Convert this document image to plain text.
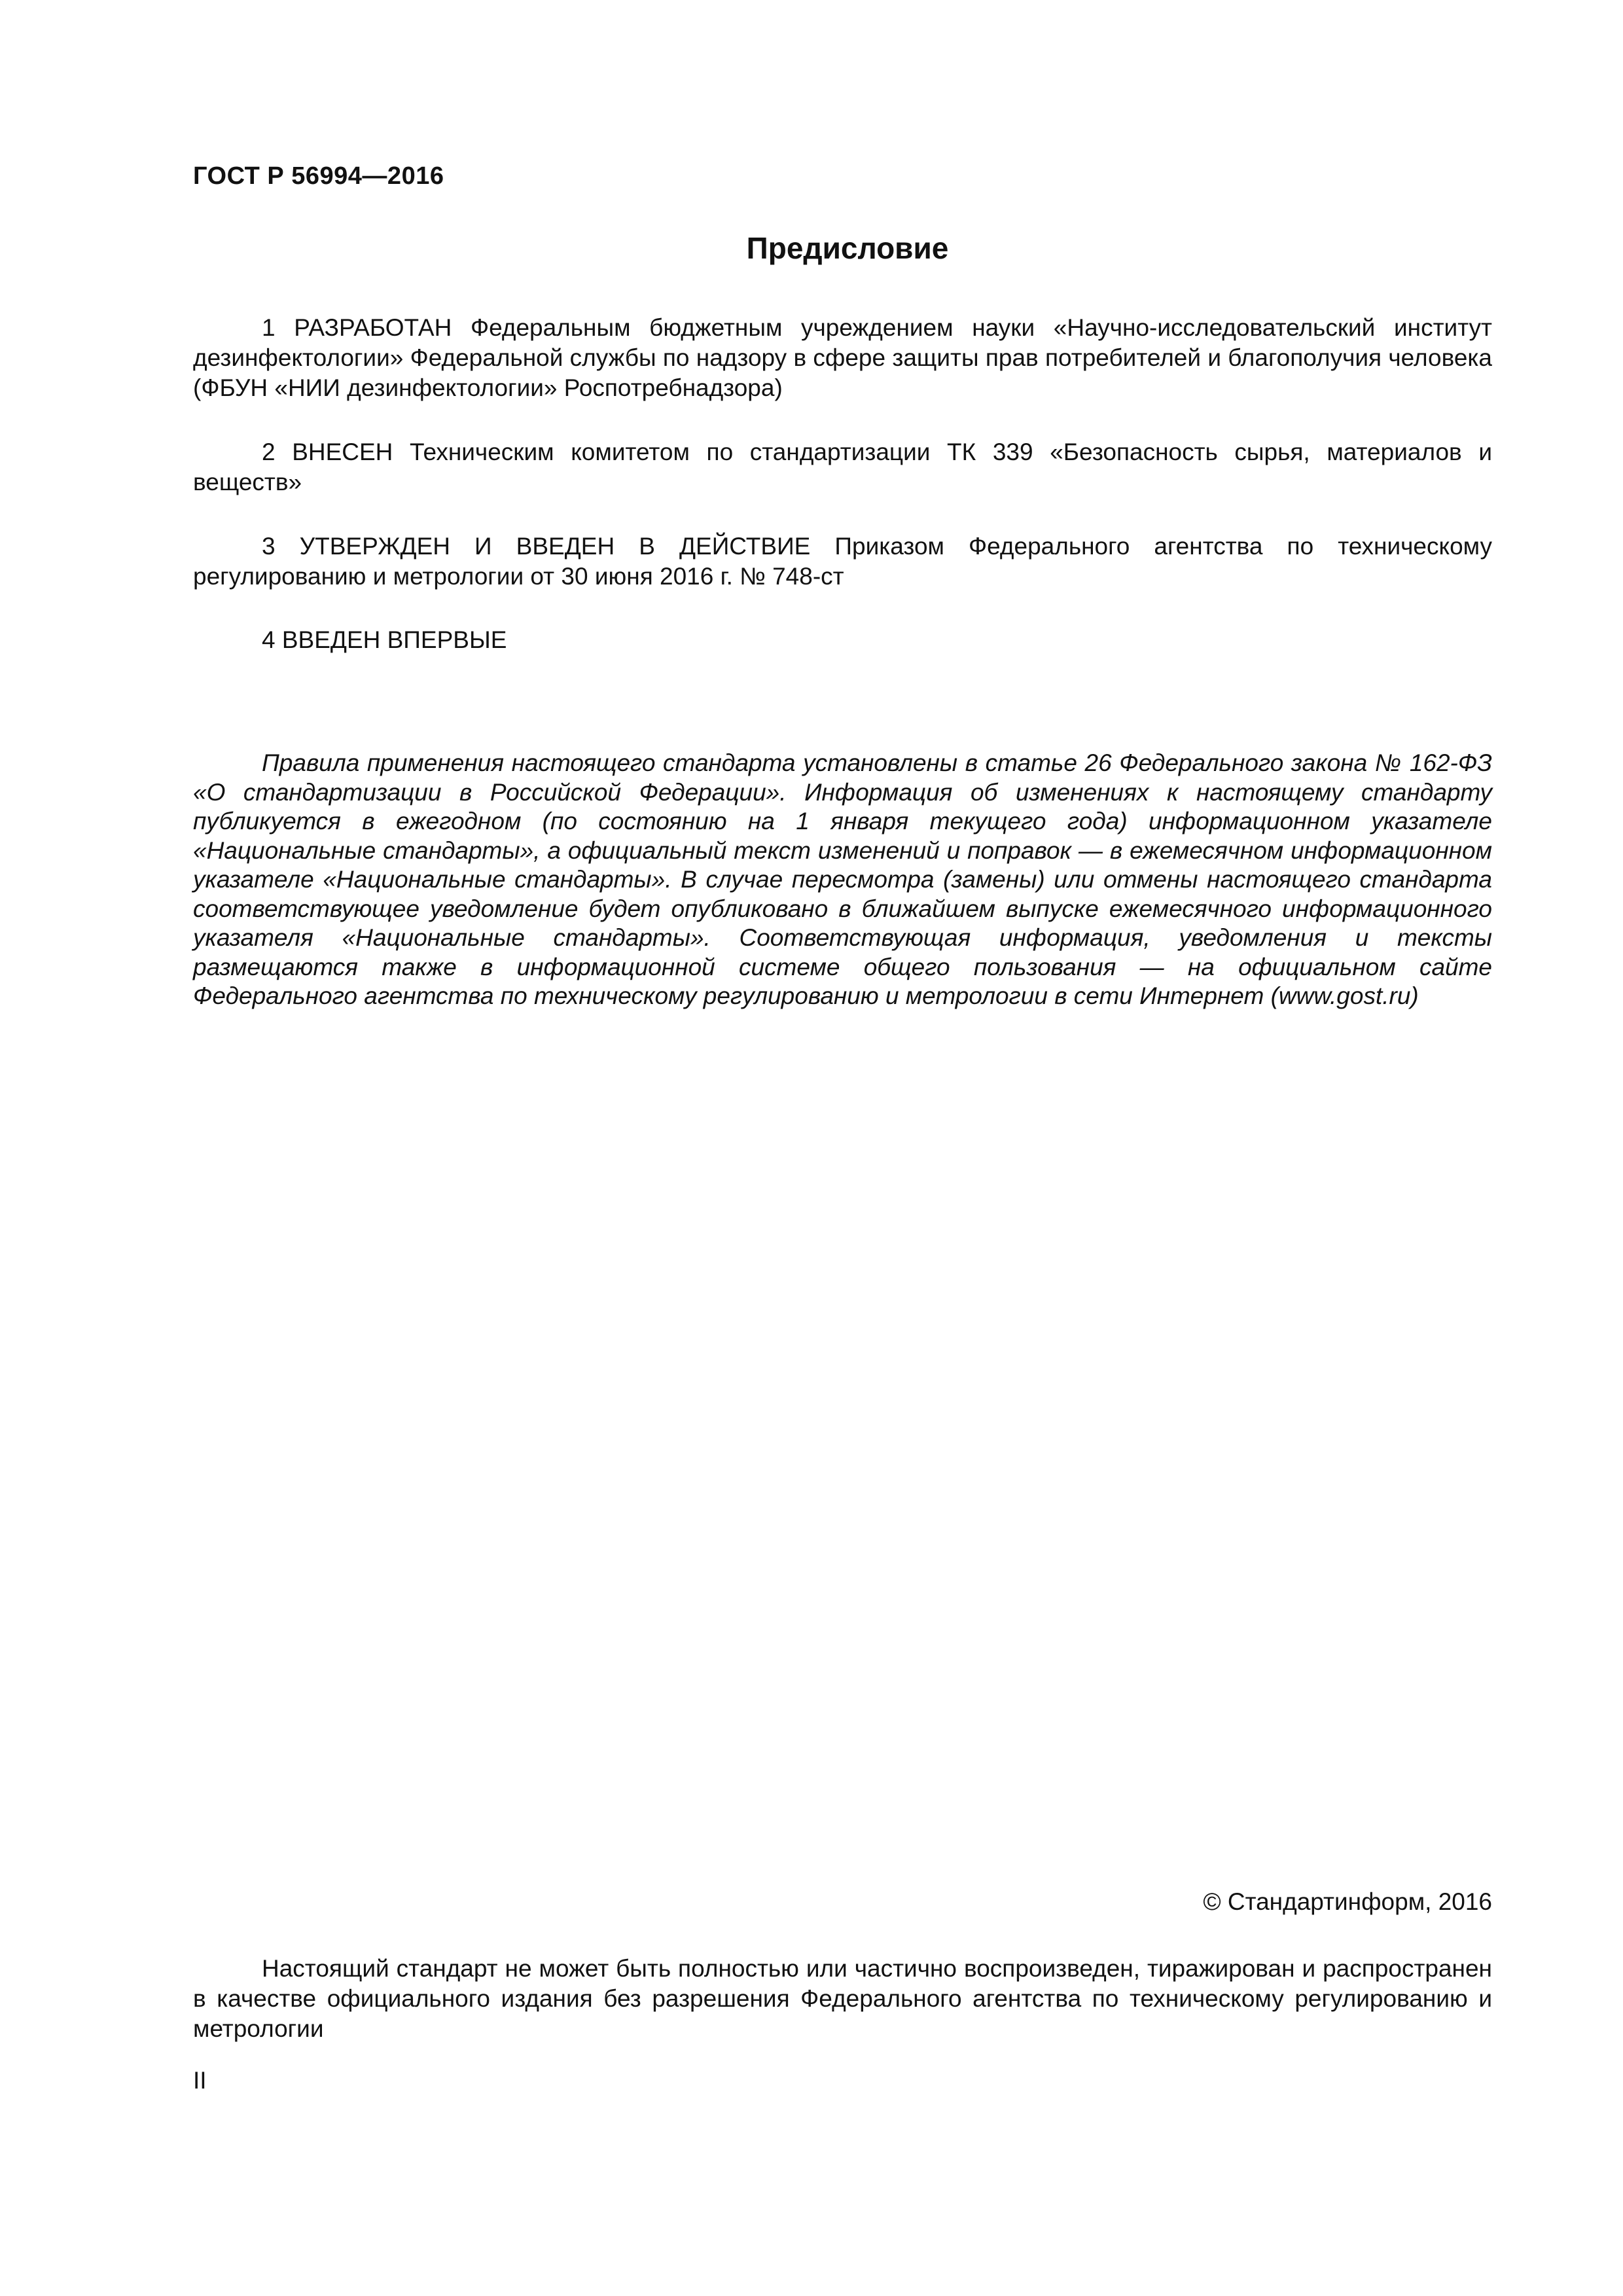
ГОСТ Р 56994—2016
Предисловие

1 РАЗРАБОТАН Федеральным бюджетным учреждением науки «Научно-исследовательский институт дезинфектологии» Федеральной службы по надзору в сфере защиты прав потребителей и благополучия человека (ФБУН «НИИ дезинфектологии» Роспотребнадзора)

2 ВНЕСЕН Техническим комитетом по стандартизации ТК 339 «Безопасность сырья, материалов и веществ»

3 УТВЕРЖДЕН И ВВЕДЕН В ДЕЙСТВИЕ Приказом Федерального агентства по техническому регулированию и метрологии от 30 июня 2016 г. № 748-ст

4 ВВЕДЕН ВПЕРВЫЕ

Правила применения настоящего стандарта установлены в статье 26 Федерального закона № 162-ФЗ «О стандартизации в Российской Федерации». Информация об изменениях к настоящему стандарту публикуется в ежегодном (по состоянию на 1 января текущего года) информационном указателе «Национальные стандарты», а официальный текст изменений и поправок — в ежемесячном информационном указателе «Национальные стандарты». В случае пересмотра (замены) или отмены настоящего стандарта соответствующее уведомление будет опубликовано в ближайшем выпуске ежемесячного информационного указателя «Национальные стандарты». Соответствующая информация, уведомления и тексты размещаются также в информационной системе общего пользования — на официальном сайте Федерального агентства по техническому регулированию и метрологии в сети Интернет (www.gost.ru)

© Стандартинформ, 2016

Настоящий стандарт не может быть полностью или частично воспроизведен, тиражирован и распространен в качестве официального издания без разрешения Федерального агентства по техническому регулированию и метрологии

II
